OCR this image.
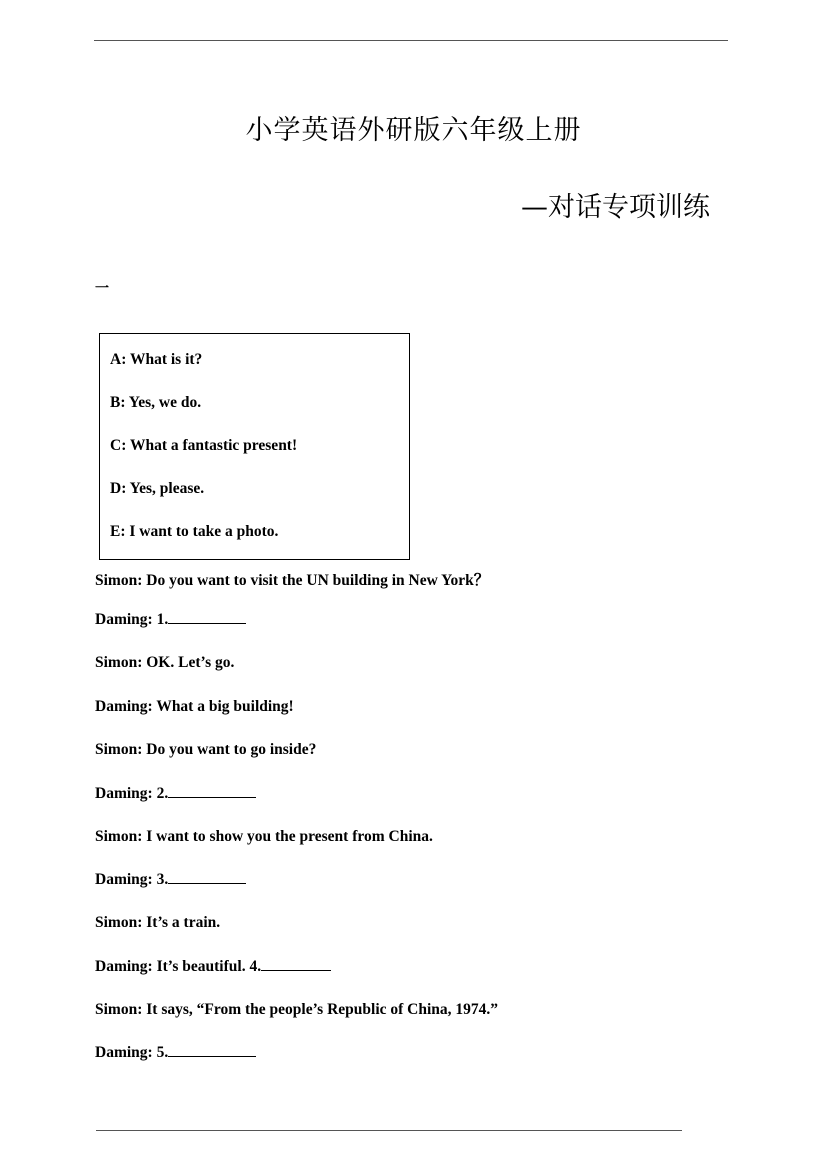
小学英语外研版六年级上册
—对话专项训练
一
A: What is it?
B: Yes, we do.
C: What a fantastic present!
D: Yes, please.
E: I want to take a photo.
Simon: Do you want to visit the UN building in New York？
Daming: 1.
Simon: OK. Let’s go.
Daming: What a big building!
Simon: Do you want to go inside?
Daming: 2.
Simon: I want to show you the present from China.
Daming: 3.
Simon: It’s a train.
Daming: It’s beautiful. 4.
Simon: It says, “From the people’s Republic of China, 1974.”
Daming: 5.
